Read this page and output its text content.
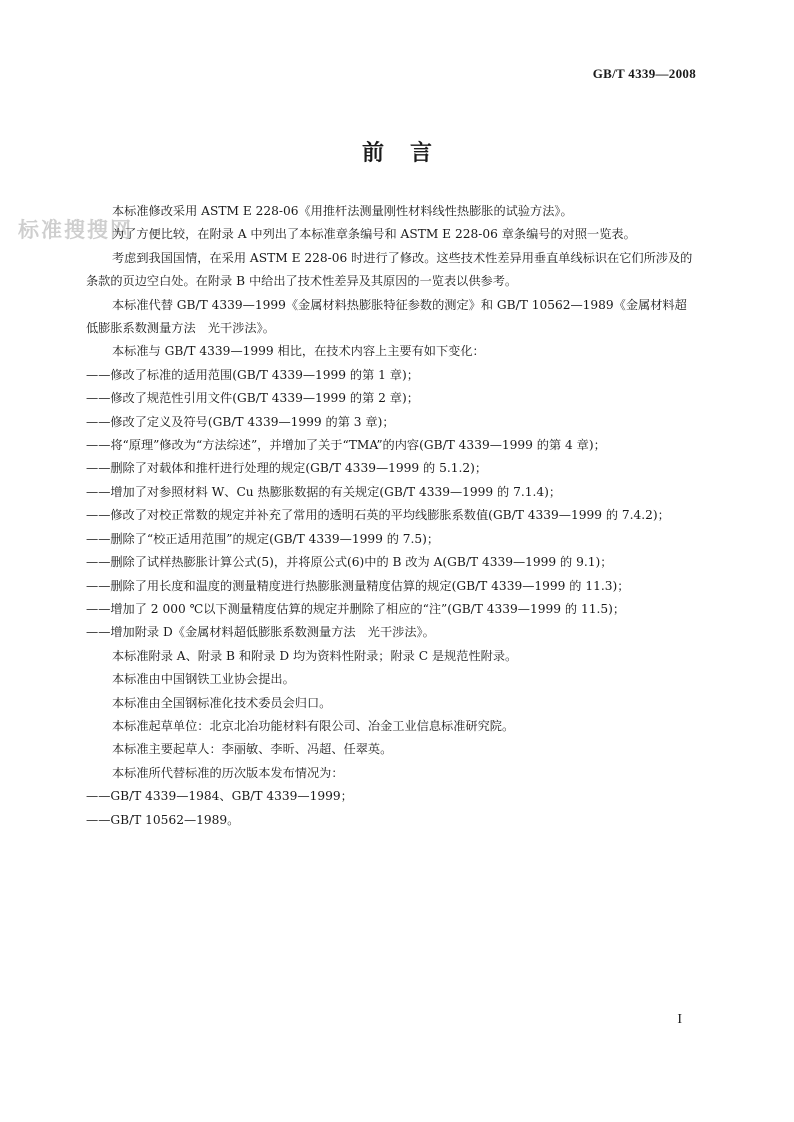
GB/T 4339—2008
前言
标准搜搜网

本标准修改采用 ASTM E 228-06《用推杆法测量刚性材料线性热膨胀的试验方法》。

为了方便比较，在附录 A 中列出了本标准章条编号和 ASTM E 228-06 章条编号的对照一览表。

考虑到我国国情，在采用 ASTM E 228-06 时进行了修改。这些技术性差异用垂直单线标识在它们所涉及的条款的页边空白处。在附录 B 中给出了技术性差异及其原因的一览表以供参考。

本标准代替 GB/T 4339—1999《金属材料热膨胀特征参数的测定》和 GB/T 10562—1989《金属材料超低膨胀系数测量方法　光干涉法》。

本标准与 GB/T 4339—1999 相比，在技术内容上主要有如下变化：

——修改了标准的适用范围(GB/T 4339—1999 的第 1 章)；

——修改了规范性引用文件(GB/T 4339—1999 的第 2 章)；

——修改了定义及符号(GB/T 4339—1999 的第 3 章)；

——将“原理”修改为“方法综述”，并增加了关于“TMA”的内容(GB/T 4339—1999 的第 4 章)；

——删除了对载体和推杆进行处理的规定(GB/T 4339—1999 的 5.1.2)；

——增加了对参照材料 W、Cu 热膨胀数据的有关规定(GB/T 4339—1999 的 7.1.4)；

——修改了对校正常数的规定并补充了常用的透明石英的平均线膨胀系数值(GB/T 4339—1999 的 7.4.2)；

——删除了“校正适用范围”的规定(GB/T 4339—1999 的 7.5)；

——删除了试样热膨胀计算公式(5)，并将原公式(6)中的 B 改为 A(GB/T 4339—1999 的 9.1)；

——删除了用长度和温度的测量精度进行热膨胀测量精度估算的规定(GB/T 4339—1999 的 11.3)；

——增加了 2 000 ℃以下测量精度估算的规定并删除了相应的“注”(GB/T 4339—1999 的 11.5)；

——增加附录 D《金属材料超低膨胀系数测量方法　光干涉法》。

本标准附录 A、附录 B 和附录 D 均为资料性附录；附录 C 是规范性附录。

本标准由中国钢铁工业协会提出。

本标准由全国钢标准化技术委员会归口。

本标准起草单位：北京北冶功能材料有限公司、冶金工业信息标准研究院。

本标准主要起草人：李丽敏、李昕、冯超、任翠英。

本标准所代替标准的历次版本发布情况为：

——GB/T 4339—1984、GB/T 4339—1999；

——GB/T 10562—1989。

I
